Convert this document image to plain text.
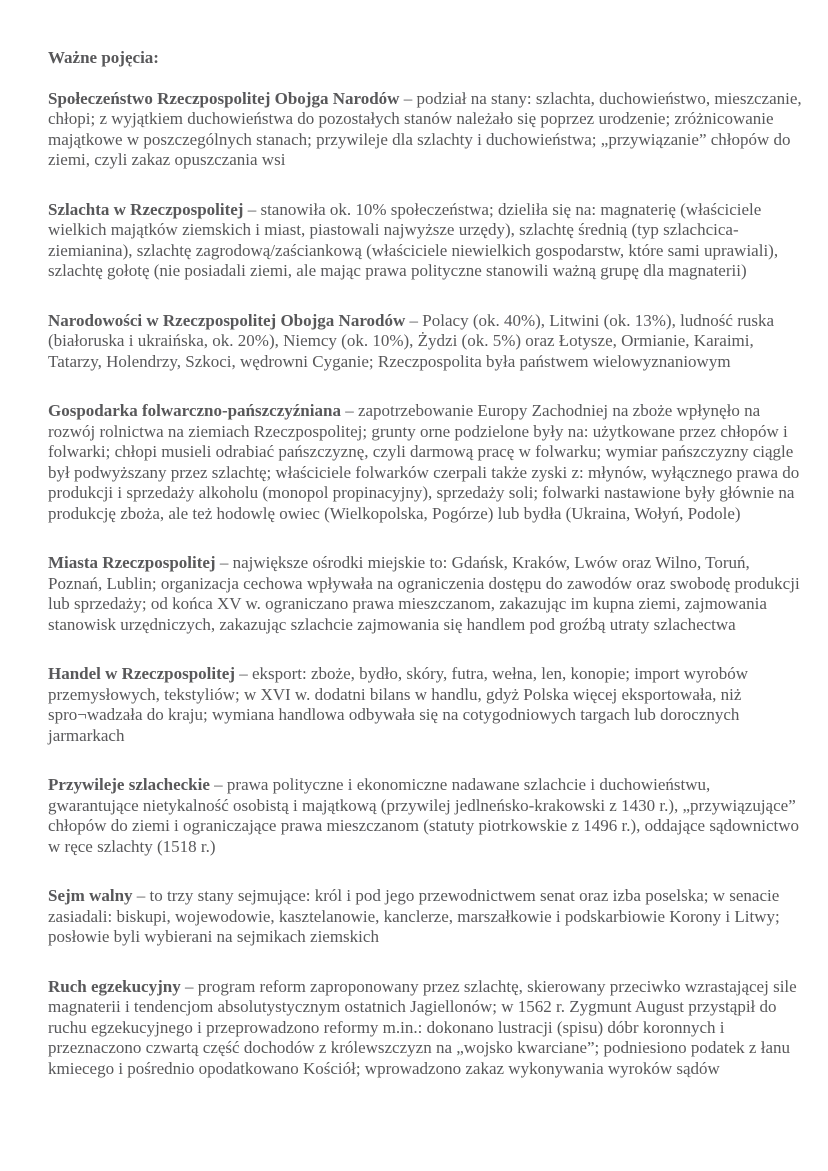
Ważne pojęcia:

Społeczeństwo Rzeczpospolitej Obojga Narodów – podział na stany: szlachta, duchowieństwo, mieszczanie, chłopi; z wyjątkiem duchowieństwa do pozostałych stanów należało się poprzez urodzenie; zróżnicowanie majątkowe w poszczególnych stanach; przywileje dla szlachty i duchowieństwa; „przywiązanie” chłopów do ziemi, czyli zakaz opuszczania wsi

Szlachta w Rzeczpospolitej – stanowiła ok. 10% społeczeństwa; dzieliła się na: magnaterię (właściciele wielkich majątków ziemskich i miast, piastowali najwyższe urzędy), szlachtę średnią (typ szlachcica-ziemianina), szlachtę zagrodową/zaściankową (właściciele niewielkich gospodarstw, które sami uprawiali), szlachtę gołotę (nie posiadali ziemi, ale mając prawa polityczne stanowili ważną grupę dla magnaterii)

Narodowości w Rzeczpospolitej Obojga Narodów – Polacy (ok. 40%), Litwini (ok. 13%), ludność ruska (białoruska i ukraińska, ok. 20%), Niemcy (ok. 10%), Żydzi (ok. 5%) oraz Łotysze, Ormianie, Karaimi, Tatarzy, Holendrzy, Szkoci, wędrowni Cyganie; Rzeczpospolita była państwem wielowyznaniowym

Gospodarka folwarczno-pańszczyźniana – zapotrzebowanie Europy Zachodniej na zboże wpłynęło na rozwój rolnictwa na ziemiach Rzeczpospolitej; grunty orne podzielone były na: użytkowane przez chłopów i folwarki; chłopi musieli odrabiać pańszczyznę, czyli darmową pracę w folwarku; wymiar pańszczyzny ciągle był podwyższany przez szlachtę; właściciele folwarków czerpali także zyski z: młynów, wyłącznego prawa do produkcji i sprzedaży alkoholu (monopol propinacyjny), sprzedaży soli; folwarki nastawione były głównie na produkcję zboża, ale też hodowlę owiec (Wielkopolska, Pogórze) lub bydła (Ukraina, Wołyń, Podole)

Miasta Rzeczpospolitej – największe ośrodki miejskie to: Gdańsk, Kraków, Lwów oraz Wilno, Toruń, Poznań, Lublin; organizacja cechowa wpływała na ograniczenia dostępu do zawodów oraz swobodę produkcji lub sprzedaży; od końca XV w. ograniczano prawa mieszczanom, zakazując im kupna ziemi, zajmowania stanowisk urzędniczych, zakazując szlachcie zajmowania się handlem pod groźbą utraty szlachectwa

Handel w Rzeczpospolitej – eksport: zboże, bydło, skóry, futra, wełna, len, konopie; import wyrobów przemysłowych, tekstyliów; w XVI w. dodatni bilans w handlu, gdyż Polska więcej eksportowała, niż spro¬wadzała do kraju; wymiana handlowa odbywała się na cotygodniowych targach lub dorocznych jarmarkach

Przywileje szlacheckie – prawa polityczne i ekonomiczne nadawane szlachcie i duchowieństwu, gwarantujące nietykalność osobistą i majątkową (przywilej jedlneńsko-krakowski z 1430 r.), „przywiązujące” chłopów do ziemi i ograniczające prawa mieszczanom (statuty piotrkowskie z 1496 r.), oddające sądownictwo w ręce szlachty (1518 r.)

Sejm walny – to trzy stany sejmujące: król i pod jego przewodnictwem senat oraz izba poselska; w senacie zasiadali: biskupi, wojewodowie, kasztelanowie, kanclerze, marszałkowie i podskarbiowie Korony i Litwy; posłowie byli wybierani na sejmikach ziemskich

Ruch egzekucyjny – program reform zaproponowany przez szlachtę, skierowany przeciwko wzrastającej sile magnaterii i tendencjom absolutystycznym ostatnich Jagiellonów; w 1562 r. Zygmunt August przystąpił do ruchu egzekucyjnego i przeprowadzono reformy m.in.: dokonano lustracji (spisu) dóbr koronnych i przeznaczono czwartą część dochodów z królewszczyzn na „wojsko kwarciane”; podniesiono podatek z łanu kmiecego i pośrednio opodatkowano Kościół; wprowadzono zakaz wykonywania wyroków sądów
